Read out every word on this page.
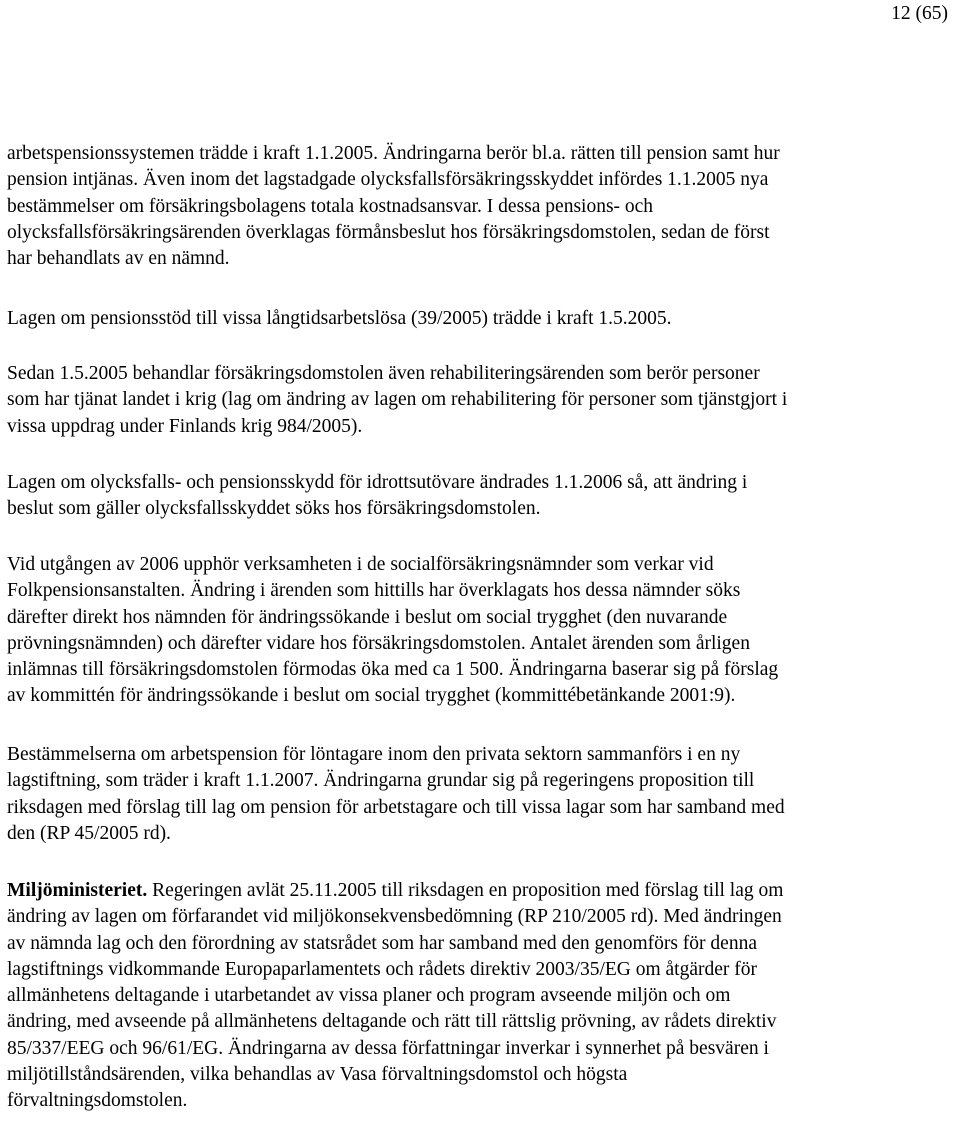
12 (65)

arbetspensionssystemen trädde i kraft 1.1.2005. Ändringarna berör bl.a. rätten till pension samt hur
pension intjänas. Även inom det lagstadgade olycksfallsförsäkringsskyddet infördes 1.1.2005 nya
bestämmelser om försäkringsbolagens totala kostnadsansvar. I dessa pensions- och
olycksfallsförsäkringsärenden överklagas förmånsbeslut hos försäkringsdomstolen, sedan de först
har behandlats av en nämnd.

Lagen om pensionsstöd till vissa långtidsarbetslösa (39/2005) trädde i kraft 1.5.2005.

Sedan 1.5.2005 behandlar försäkringsdomstolen även rehabiliteringsärenden som berör personer
som har tjänat landet i krig (lag om ändring av lagen om rehabilitering för personer som tjänstgjort i
vissa uppdrag under Finlands krig 984/2005).

Lagen om olycksfalls- och pensionsskydd för idrottsutövare ändrades 1.1.2006 så, att ändring i
beslut som gäller olycksfallsskyddet söks hos försäkringsdomstolen.

Vid utgången av 2006 upphör verksamheten i de socialförsäkringsnämnder som verkar vid
Folkpensionsanstalten. Ändring i ärenden som hittills har överklagats hos dessa nämnder söks
därefter direkt hos nämnden för ändringssökande i beslut om social trygghet (den nuvarande
prövningsnämnden) och därefter vidare hos försäkringsdomstolen. Antalet ärenden som årligen
inlämnas till försäkringsdomstolen förmodas öka med ca 1 500. Ändringarna baserar sig på förslag
av kommittén för ändringssökande i beslut om social trygghet (kommittébetänkande 2001:9).

Bestämmelserna om arbetspension för löntagare inom den privata sektorn sammanförs i en ny
lagstiftning, som träder i kraft 1.1.2007. Ändringarna grundar sig på regeringens proposition till
riksdagen med förslag till lag om pension för arbetstagare och till vissa lagar som har samband med
den (RP 45/2005 rd).

Miljöministeriet. Regeringen avlät 25.11.2005 till riksdagen en proposition med förslag till lag om
ändring av lagen om förfarandet vid miljökonsekvensbedömning (RP 210/2005 rd). Med ändringen
av nämnda lag och den förordning av statsrådet som har samband med den genomförs för denna
lagstiftnings vidkommande Europaparlamentets och rådets direktiv 2003/35/EG om åtgärder för
allmänhetens deltagande i utarbetandet av vissa planer och program avseende miljön och om
ändring, med avseende på allmänhetens deltagande och rätt till rättslig prövning, av rådets direktiv
85/337/EEG och 96/61/EG. Ändringarna av dessa författningar inverkar i synnerhet på besvären i
miljötillståndsärenden, vilka behandlas av Vasa förvaltningsdomstol och högsta
förvaltningsdomstolen.
